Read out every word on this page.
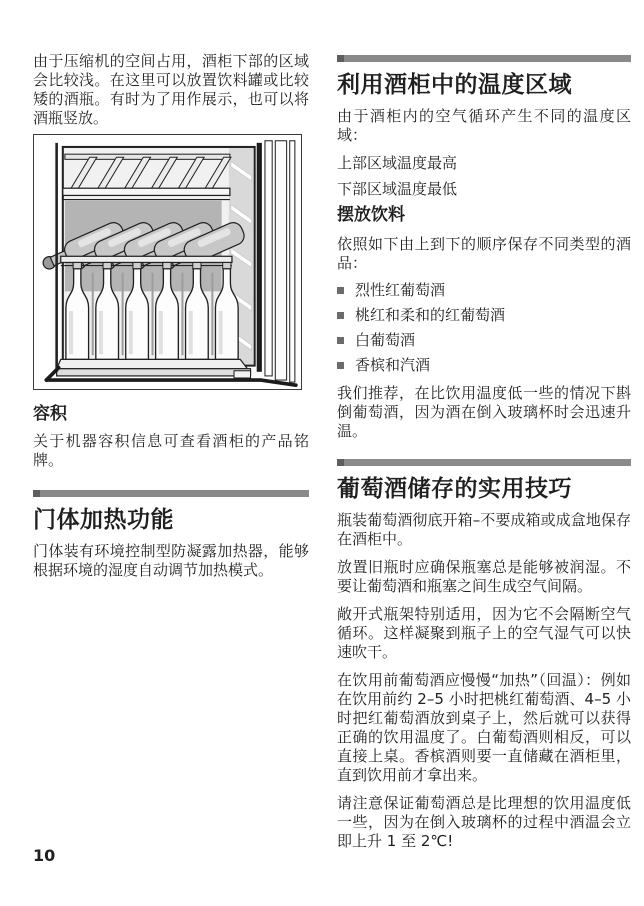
由于压缩机的空间占用，酒柜下部的区域会比较浅。在这里可以放置饮料罐或比较矮的酒瓶。有时为了用作展示，也可以将酒瓶竖放。

容积

关于机器容积信息可查看酒柜的产品铭牌。

门体加热功能

门体装有环境控制型防凝露加热器，能够根据环境的湿度自动调节加热模式。

利用酒柜中的温度区域

由于酒柜内的空气循环产生不同的温度区域：

上部区域温度最高

下部区域温度最低

摆放饮料

依照如下由上到下的顺序保存不同类型的酒品：

烈性红葡萄酒
桃红和柔和的红葡萄酒
白葡萄酒
香槟和汽酒

我们推荐，在比饮用温度低一些的情况下斟倒葡萄酒，因为酒在倒入玻璃杯时会迅速升温。

葡萄酒储存的实用技巧

瓶装葡萄酒彻底开箱–不要成箱或成盒地保存在酒柜中。

放置旧瓶时应确保瓶塞总是能够被润湿。不要让葡萄酒和瓶塞之间生成空气间隔。

敞开式瓶架特别适用，因为它不会隔断空气循环。这样凝聚到瓶子上的空气湿气可以快速吹干。

在饮用前葡萄酒应慢慢“加热”（回温）：例如在饮用前约 2–5 小时把桃红葡萄酒、4–5 小时把红葡萄酒放到桌子上，然后就可以获得正确的饮用温度了。白葡萄酒则相反，可以直接上桌。香槟酒则要一直储藏在酒柜里，直到饮用前才拿出来。

请注意保证葡萄酒总是比理想的饮用温度低一些，因为在倒入玻璃杯的过程中酒温会立即上升 1 至 2℃!

10
